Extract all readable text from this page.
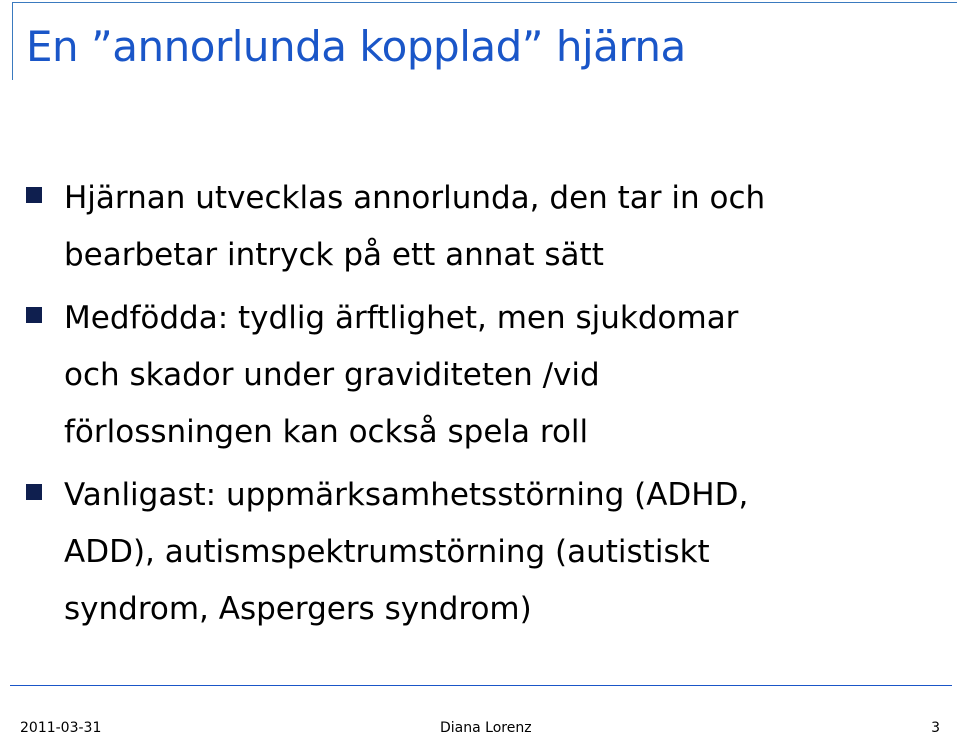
En ”annorlunda kopplad” hjärna
Hjärnan utvecklas annorlunda, den tar in och
bearbetar intryck på ett annat sätt
Medfödda: tydlig ärftlighet, men sjukdomar
och skador under graviditeten /vid
förlossningen kan också spela roll
Vanligast: uppmärksamhetsstörning (ADHD,
ADD), autismspektrumstörning (autistiskt
syndrom, Aspergers syndrom)
2011-03-31	Diana Lorenz	3
